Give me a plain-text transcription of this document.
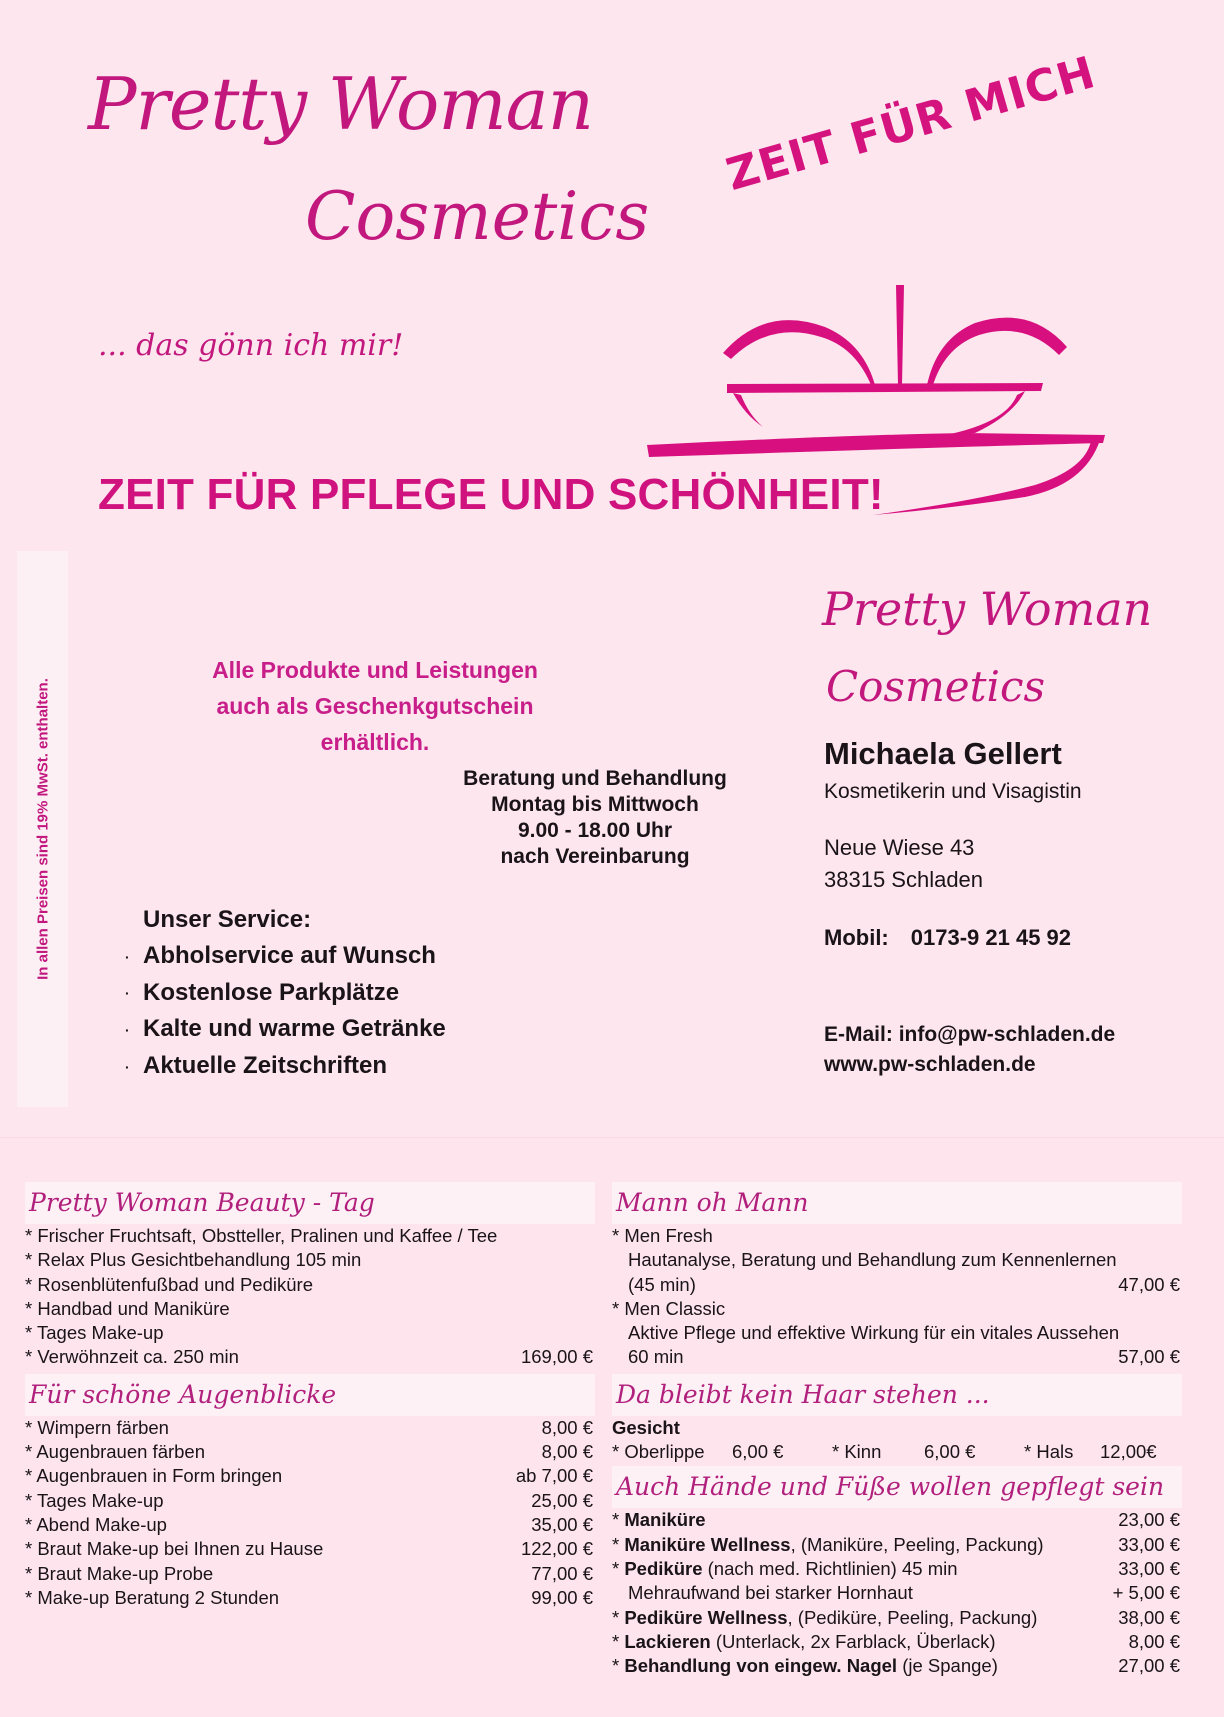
Pretty Woman
Cosmetics
... das gönn ich mir!
ZEIT FÜR MICH
ZEIT FÜR PFLEGE UND SCHÖNHEIT!
In allen Preisen sind 19% MwSt. enthalten.
Alle Produkte und Leistungen
auch als Geschenkgutschein
erhältlich.
Beratung und Behandlung
Montag bis Mittwoch
9.00 - 18.00 Uhr
nach Vereinbarung
Unser Service:
· Abholservice auf Wunsch
· Kostenlose Parkplätze
· Kalte und warme Getränke
· Aktuelle Zeitschriften
Pretty Woman
Cosmetics
Michaela Gellert
Kosmetikerin und Visagistin
Neue Wiese 43
38315 Schladen
Mobil: 0173-9 21 45 92
E-Mail: info@pw-schladen.de
www.pw-schladen.de
Pretty Woman Beauty - Tag
* Frischer Fruchtsaft, Obstteller, Pralinen und Kaffee / Tee
* Relax Plus Gesichtbehandlung 105 min
* Rosenblütenfußbad und Pediküre
* Handbad und Maniküre
* Tages Make-up
* Verwöhnzeit ca. 250 min	169,00 €
Für schöne Augenblicke
* Wimpern färben	8,00 €
* Augenbrauen färben	8,00 €
* Augenbrauen in Form bringen	ab 7,00 €
* Tages Make-up	25,00 €
* Abend Make-up	35,00 €
* Braut Make-up bei Ihnen zu Hause	122,00 €
* Braut Make-up Probe	77,00 €
* Make-up Beratung 2 Stunden	99,00 €
Mann oh Mann
* Men Fresh
Hautanalyse, Beratung und Behandlung zum Kennenlernen
(45 min)	47,00 €
* Men Classic
Aktive Pflege und effektive Wirkung für ein vitales Aussehen
60 min	57,00 €
Da bleibt kein Haar stehen ...
Gesicht
* Oberlippe	6,00 €	* Kinn	6,00 €	* Hals	12,00€
Auch Hände und Füße wollen gepflegt sein
* Maniküre	23,00 €
* Maniküre Wellness, (Maniküre, Peeling, Packung)	33,00 €
* Pediküre (nach med. Richtlinien) 45 min	33,00 €
Mehraufwand bei starker Hornhaut	+ 5,00 €
* Pediküre Wellness, (Pediküre, Peeling, Packung)	38,00 €
* Lackieren (Unterlack, 2x Farblack, Überlack)	8,00 €
* Behandlung von eingew. Nagel (je Spange)	27,00 €
